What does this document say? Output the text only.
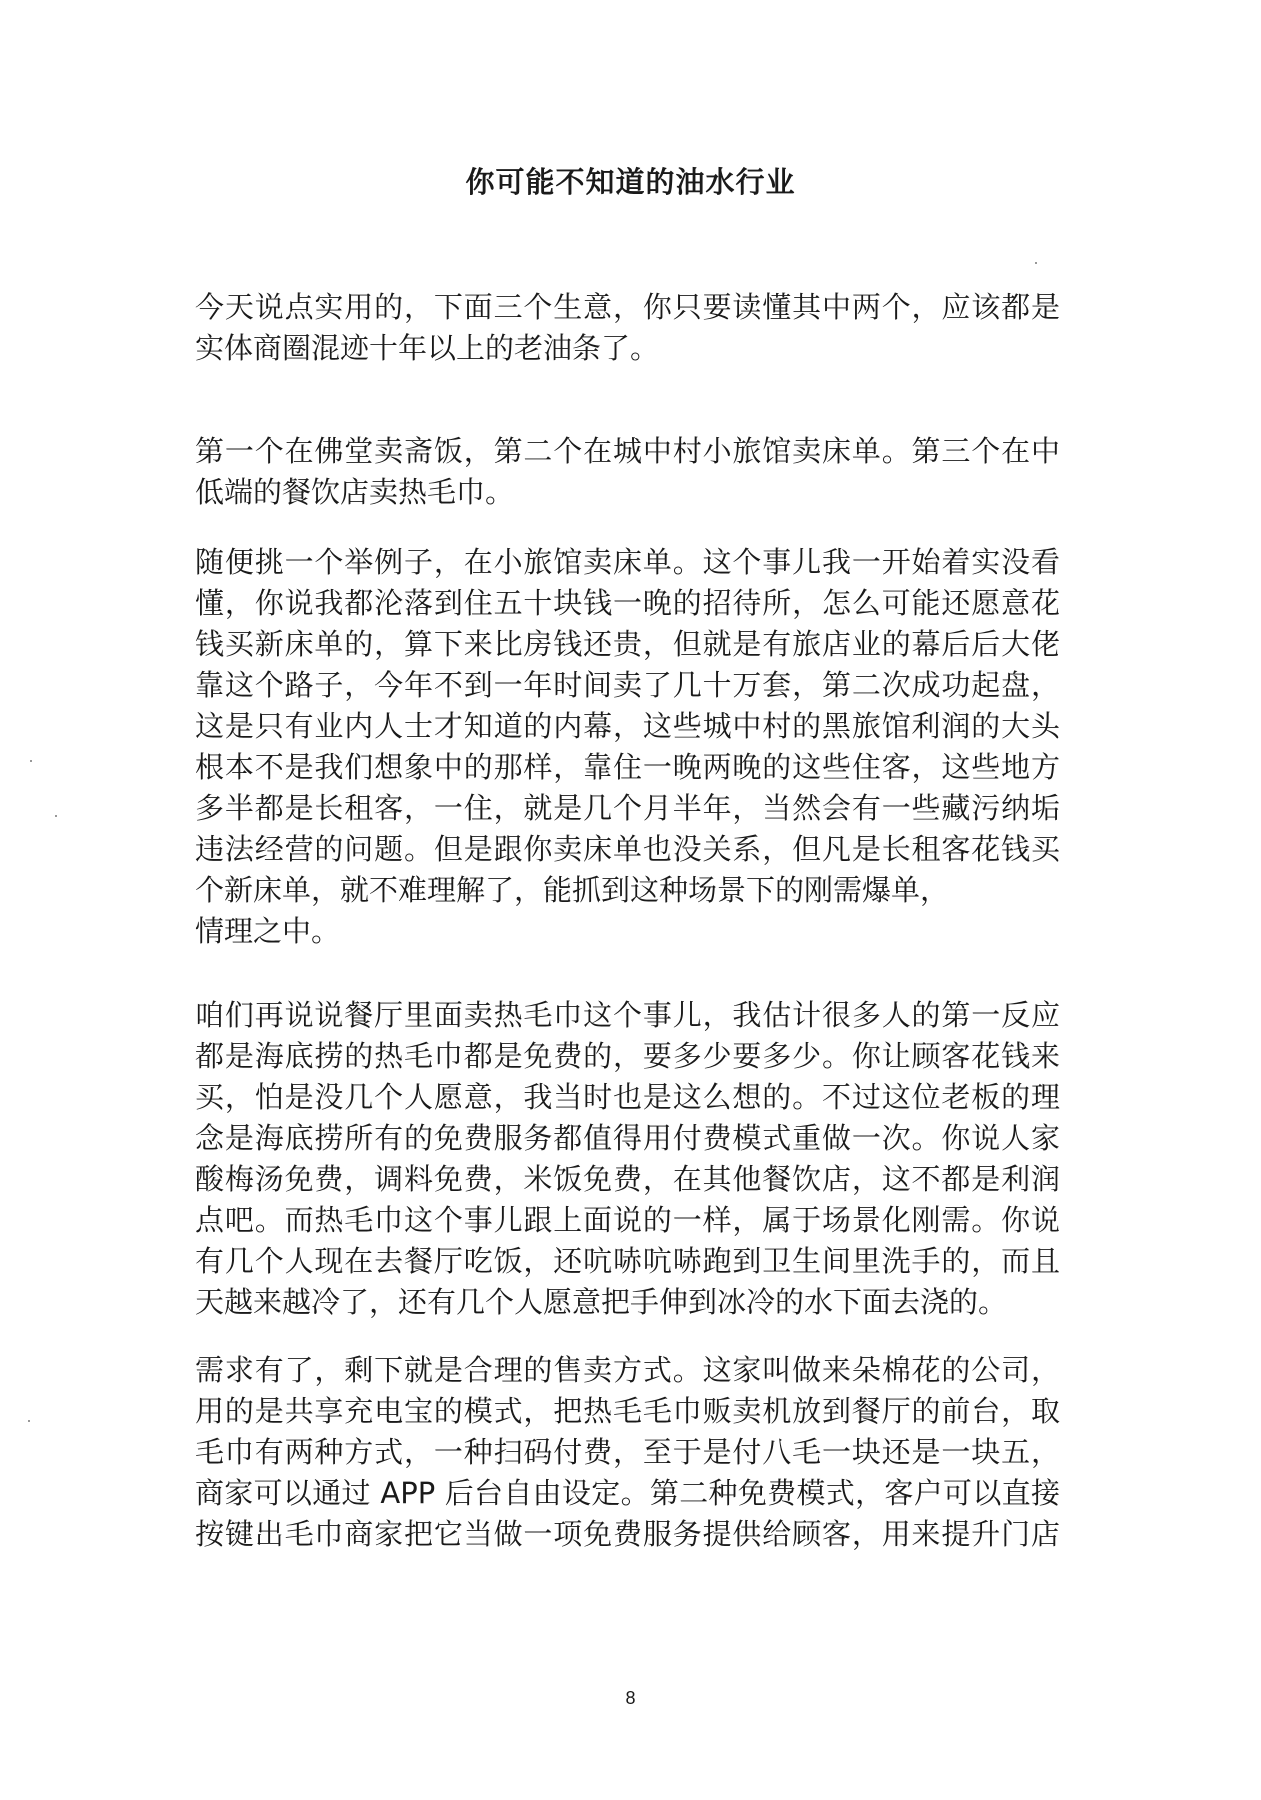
你可能不知道的油水行业
今天说点实用的，下面三个生意，你只要读懂其中两个，应该都是
实体商圈混迹十年以上的老油条了。
第一个在佛堂卖斋饭，第二个在城中村小旅馆卖床单。第三个在中
低端的餐饮店卖热毛巾。
随便挑一个举例子，在小旅馆卖床单。这个事儿我一开始着实没看
懂，你说我都沦落到住五十块钱一晚的招待所，怎么可能还愿意花
钱买新床单的，算下来比房钱还贵，但就是有旅店业的幕后后大佬
靠这个路子，今年不到一年时间卖了几十万套，第二次成功起盘，
这是只有业内人士才知道的内幕，这些城中村的黑旅馆利润的大头
根本不是我们想象中的那样，靠住一晚两晚的这些住客，这些地方
多半都是长租客，一住，就是几个月半年，当然会有一些藏污纳垢
违法经营的问题。但是跟你卖床单也没关系，但凡是长租客花钱买
个新床单，就不难理解了，能抓到这种场景下的刚需爆单，
情理之中。
咱们再说说餐厅里面卖热毛巾这个事儿，我估计很多人的第一反应
都是海底捞的热毛巾都是免费的，要多少要多少。你让顾客花钱来
买，怕是没几个人愿意，我当时也是这么想的。不过这位老板的理
念是海底捞所有的免费服务都值得用付费模式重做一次。你说人家
酸梅汤免费，调料免费，米饭免费，在其他餐饮店，这不都是利润
点吧。而热毛巾这个事儿跟上面说的一样，属于场景化刚需。你说
有几个人现在去餐厅吃饭，还吭哧吭哧跑到卫生间里洗手的，而且
天越来越冷了，还有几个人愿意把手伸到冰冷的水下面去浇的。
需求有了，剩下就是合理的售卖方式。这家叫做来朵棉花的公司，
用的是共享充电宝的模式，把热毛毛巾贩卖机放到餐厅的前台，取
毛巾有两种方式，一种扫码付费，至于是付八毛一块还是一块五，
商家可以通过 APP 后台自由设定。第二种免费模式，客户可以直接
按键出毛巾商家把它当做一项免费服务提供给顾客，用来提升门店
8
